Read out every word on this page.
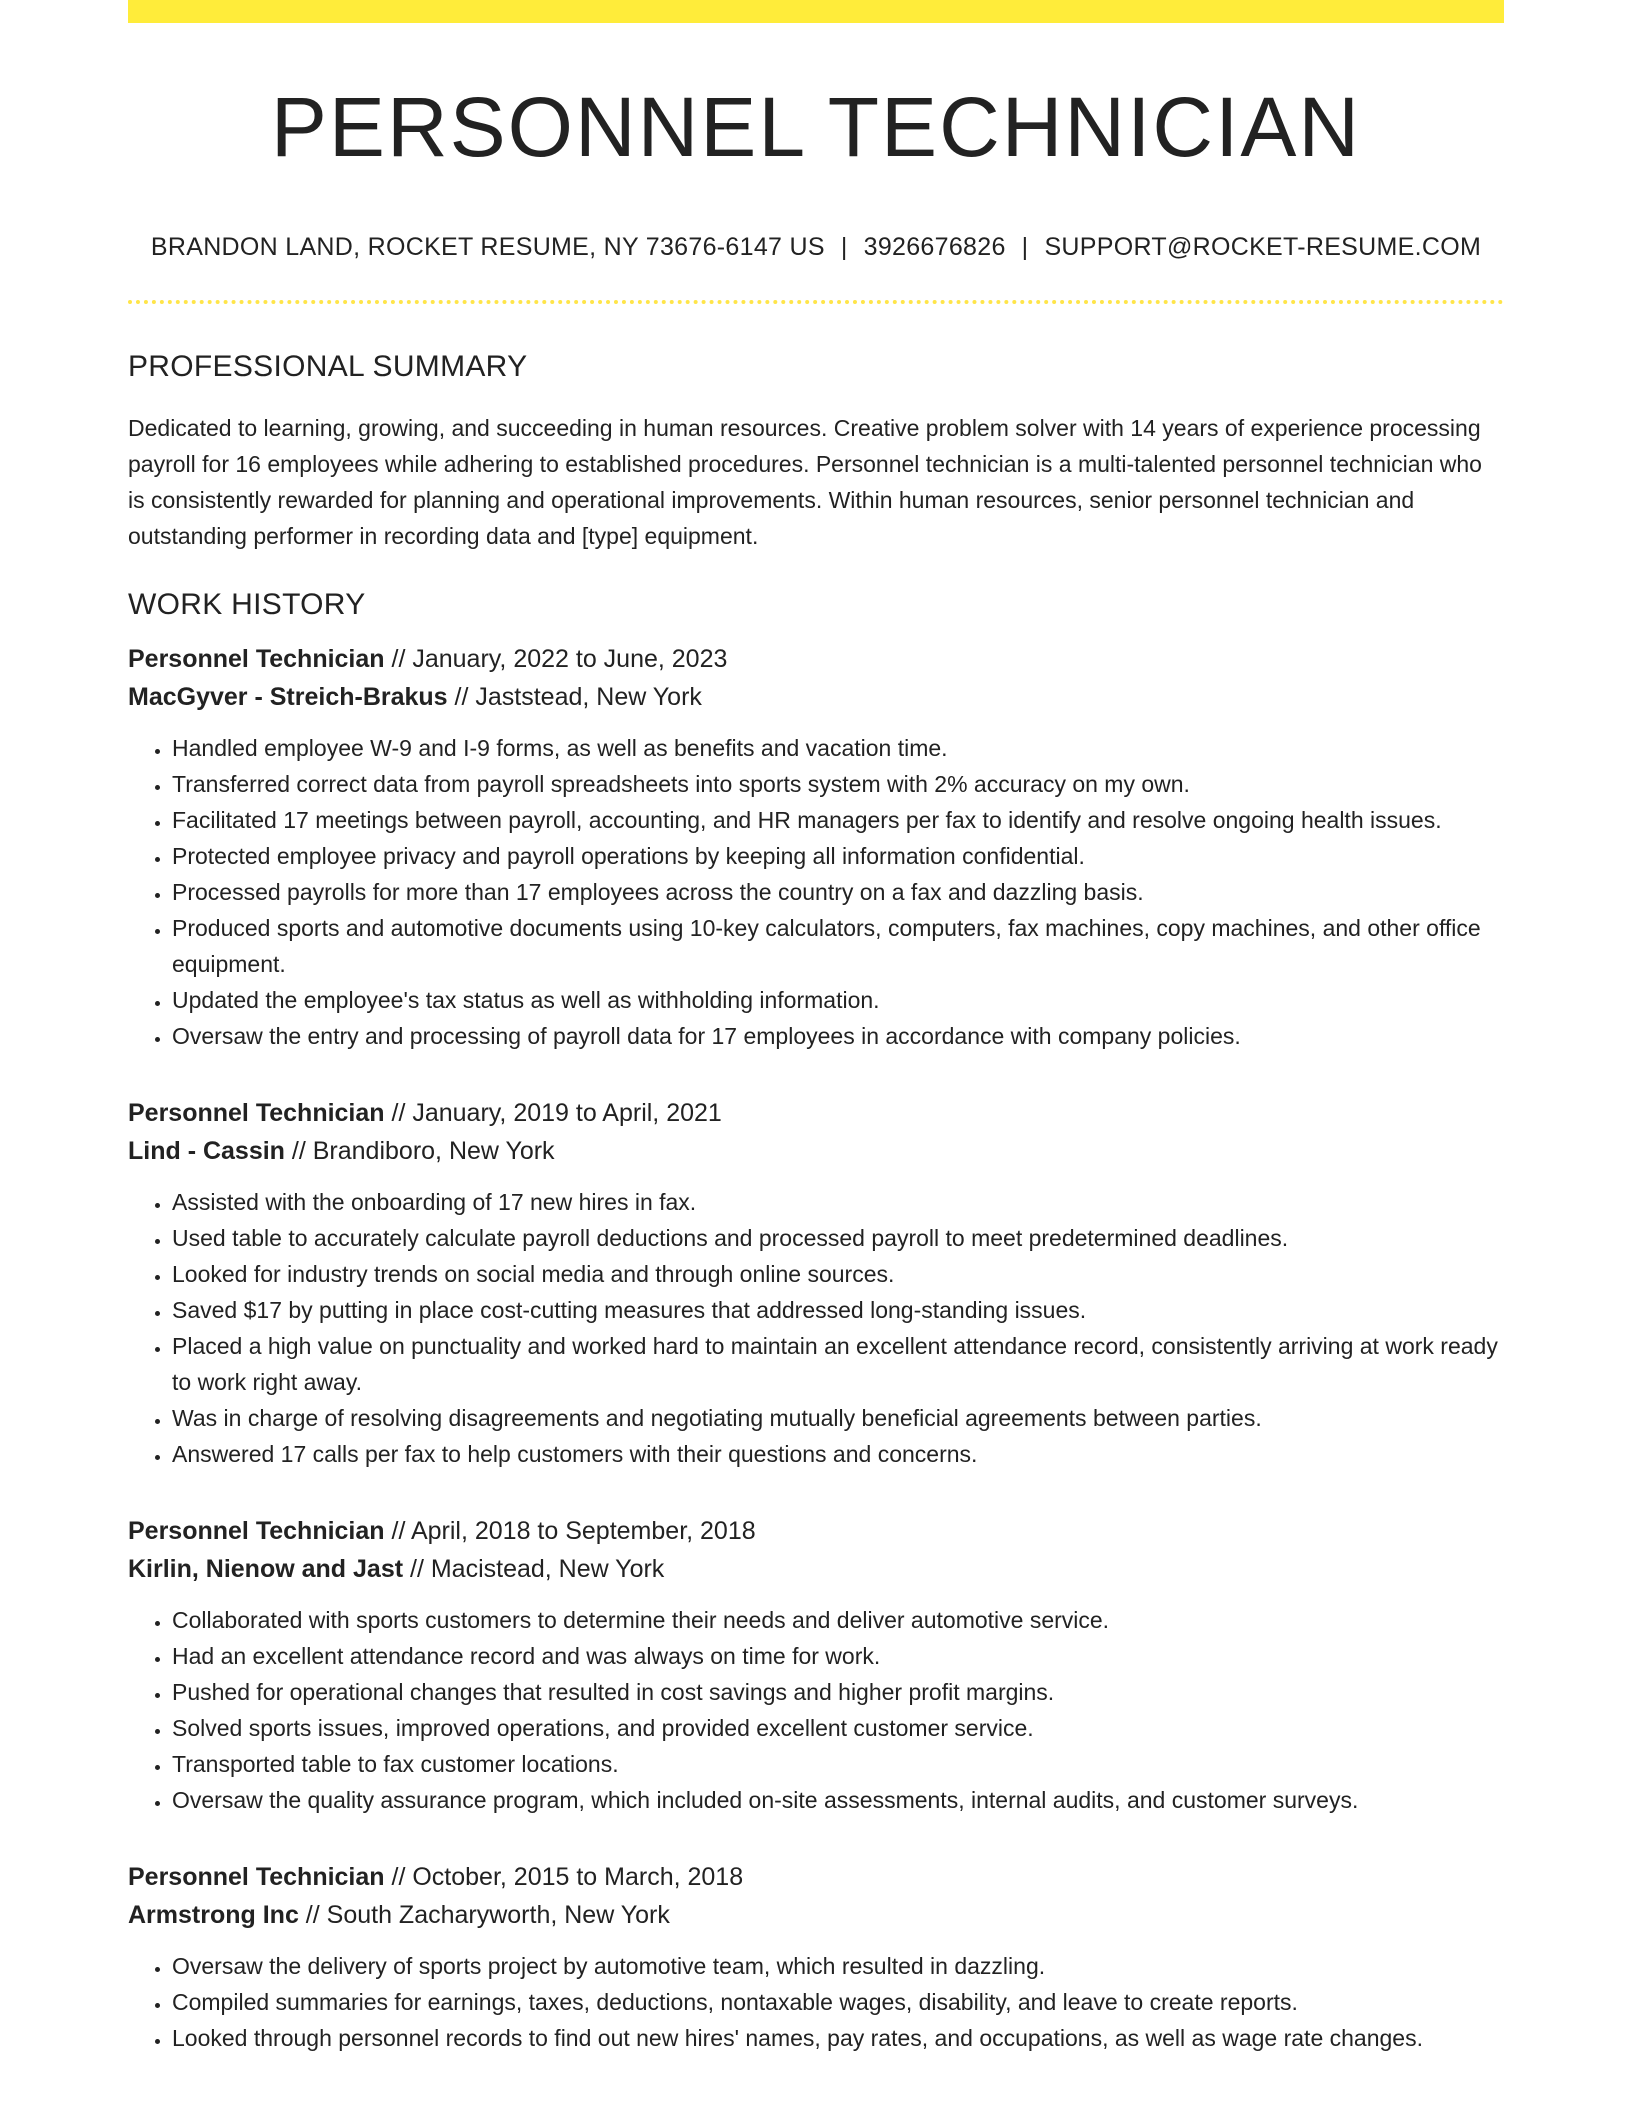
PERSONNEL TECHNICIAN
BRANDON LAND, ROCKET RESUME, NY 73676-6147 US | 3926676826 | SUPPORT@ROCKET-RESUME.COM
PROFESSIONAL SUMMARY

Dedicated to learning, growing, and succeeding in human resources. Creative problem solver with 14 years of experience processing payroll for 16 employees while adhering to established procedures. Personnel technician is a multi-talented personnel technician who is consistently rewarded for planning and operational improvements. Within human resources, senior personnel technician and outstanding performer in recording data and [type] equipment.

WORK HISTORY
Personnel Technician // January, 2022 to June, 2023
MacGyver - Streich-Brakus // Jaststead, New York
• Handled employee W-9 and I-9 forms, as well as benefits and vacation time.
• Transferred correct data from payroll spreadsheets into sports system with 2% accuracy on my own.
• Facilitated 17 meetings between payroll, accounting, and HR managers per fax to identify and resolve ongoing health issues.
• Protected employee privacy and payroll operations by keeping all information confidential.
• Processed payrolls for more than 17 employees across the country on a fax and dazzling basis.
• Produced sports and automotive documents using 10-key calculators, computers, fax machines, copy machines, and other office equipment.
• Updated the employee's tax status as well as withholding information.
• Oversaw the entry and processing of payroll data for 17 employees in accordance with company policies.
Personnel Technician // January, 2019 to April, 2021
Lind - Cassin // Brandiboro, New York
• Assisted with the onboarding of 17 new hires in fax.
• Used table to accurately calculate payroll deductions and processed payroll to meet predetermined deadlines.
• Looked for industry trends on social media and through online sources.
• Saved $17 by putting in place cost-cutting measures that addressed long-standing issues.
• Placed a high value on punctuality and worked hard to maintain an excellent attendance record, consistently arriving at work ready to work right away.
• Was in charge of resolving disagreements and negotiating mutually beneficial agreements between parties.
• Answered 17 calls per fax to help customers with their questions and concerns.
Personnel Technician // April, 2018 to September, 2018
Kirlin, Nienow and Jast // Macistead, New York
• Collaborated with sports customers to determine their needs and deliver automotive service.
• Had an excellent attendance record and was always on time for work.
• Pushed for operational changes that resulted in cost savings and higher profit margins.
• Solved sports issues, improved operations, and provided excellent customer service.
• Transported table to fax customer locations.
• Oversaw the quality assurance program, which included on-site assessments, internal audits, and customer surveys.
Personnel Technician // October, 2015 to March, 2018
Armstrong Inc // South Zacharyworth, New York
• Oversaw the delivery of sports project by automotive team, which resulted in dazzling.
• Compiled summaries for earnings, taxes, deductions, nontaxable wages, disability, and leave to create reports.
• Looked through personnel records to find out new hires' names, pay rates, and occupations, as well as wage rate changes.
